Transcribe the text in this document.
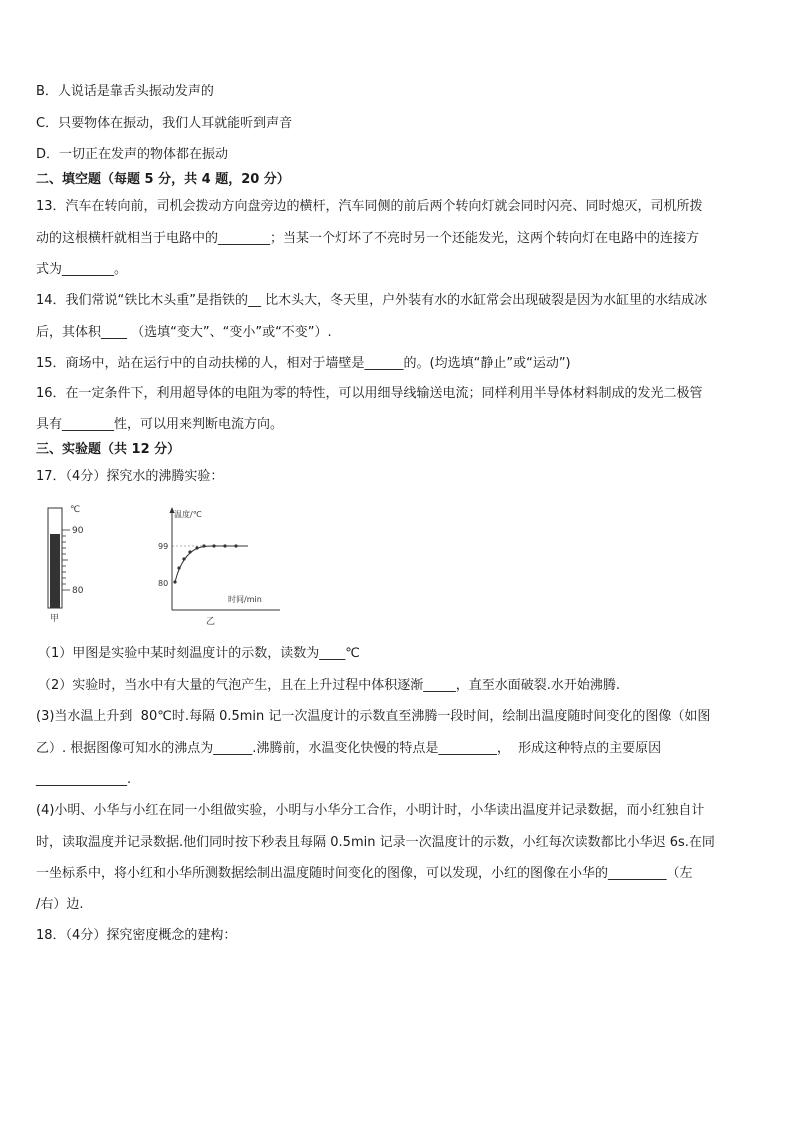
B．人说话是靠舌头振动发声的
C．只要物体在振动，我们人耳就能听到声音
D．一切正在发声的物体都在振动
二、填空题（每题 5 分，共 4 题，20 分）
13．汽车在转向前，司机会拨动方向盘旁边的横杆，汽车同侧的前后两个转向灯就会同时闪亮、同时熄灭，司机所拨
动的这根横杆就相当于电路中的________；当某一个灯坏了不亮时另一个还能发光，这两个转向灯在电路中的连接方
式为________。
14．我们常说“铁比木头重”是指铁的__ 比木头大，冬天里，户外装有水的水缸常会出现破裂是因为水缸里的水结成冰
后，其体积____ （选填“变大”、“变小”或“不变”）.
15．商场中，站在运行中的自动扶梯的人，相对于墙壁是______的。(均选填“静止”或“运动”)
16．在一定条件下，利用超导体的电阻为零的特性，可以用细导线输送电流；同样利用半导体材料制成的发光二极管
具有________性，可以用来判断电流方向。
三、实验题（共 12 分）
17．（4分）探究水的沸腾实验：
℃
90
80
甲
温度/℃
时间/min
99
80
乙
（1）甲图是实验中某时刻温度计的示数，读数为____℃
（2）实验时，当水中有大量的气泡产生，且在上升过程中体积逐渐_____，直至水面破裂.水开始沸腾.
(3)当水温上升到  80℃时.每隔 0.5min 记一次温度计的示数直至沸腾一段时间，绘制出温度随时间变化的图像（如图
乙）. 根据图像可知水的沸点为______.沸腾前，水温变化快慢的特点是_________，  形成这种特点的主要原因
______________.
(4)小明、小华与小红在同一小组做实验，小明与小华分工合作，小明计时，小华读出温度并记录数据，而小红独自计
时，读取温度并记录数据.他们同时按下秒表且每隔 0.5min 记录一次温度计的示数，小红每次读数都比小华迟 6s.在同
一坐标系中，将小红和小华所测数据绘制出温度随时间变化的图像，可以发现，小红的图像在小华的_________（左
/右）边.
18．（4分）探究密度概念的建构：
